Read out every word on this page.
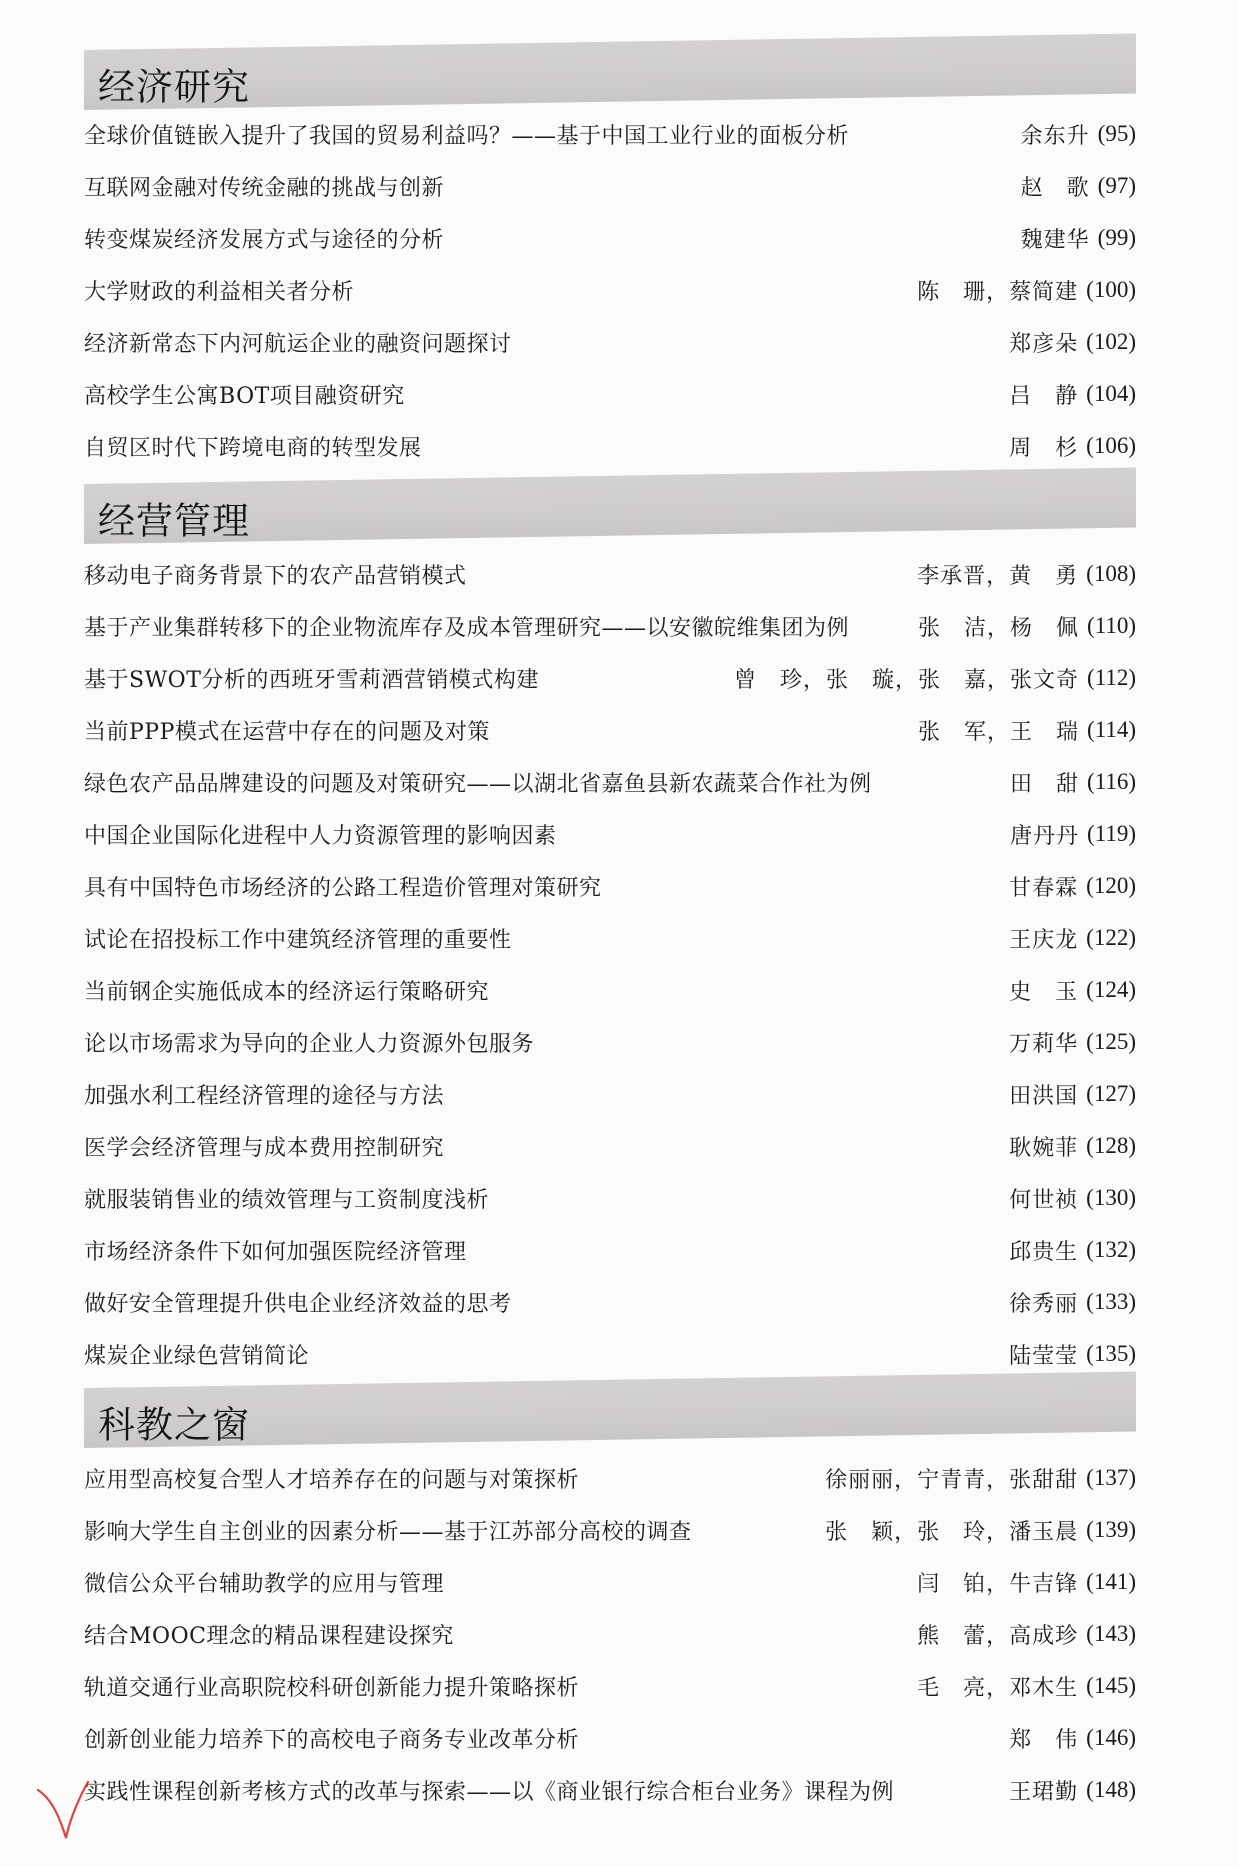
经济研究
全球价值链嵌入提升了我国的贸易利益吗？——基于中国工业行业的面板分析	余东升 (95)
互联网金融对传统金融的挑战与创新	赵　歌 (97)
转变煤炭经济发展方式与途径的分析	魏建华 (99)
大学财政的利益相关者分析	陈　珊，蔡简建 (100)
经济新常态下内河航运企业的融资问题探讨	郑彦朵 (102)
高校学生公寓BOT项目融资研究	吕　静 (104)
自贸区时代下跨境电商的转型发展	周　杉 (106)
经营管理
移动电子商务背景下的农产品营销模式	李承晋，黄　勇 (108)
基于产业集群转移下的企业物流库存及成本管理研究——以安徽皖维集团为例	张　洁，杨　佩 (110)
基于SWOT分析的西班牙雪莉酒营销模式构建	曾　珍，张　璇，张　嘉，张文奇 (112)
当前PPP模式在运营中存在的问题及对策	张　军，王　瑞 (114)
绿色农产品品牌建设的问题及对策研究——以湖北省嘉鱼县新农蔬菜合作社为例	田　甜 (116)
中国企业国际化进程中人力资源管理的影响因素	唐丹丹 (119)
具有中国特色市场经济的公路工程造价管理对策研究	甘春霖 (120)
试论在招投标工作中建筑经济管理的重要性	王庆龙 (122)
当前钢企实施低成本的经济运行策略研究	史　玉 (124)
论以市场需求为导向的企业人力资源外包服务	万莉华 (125)
加强水利工程经济管理的途径与方法	田洪国 (127)
医学会经济管理与成本费用控制研究	耿婉菲 (128)
就服装销售业的绩效管理与工资制度浅析	何世祯 (130)
市场经济条件下如何加强医院经济管理	邱贵生 (132)
做好安全管理提升供电企业经济效益的思考	徐秀丽 (133)
煤炭企业绿色营销简论	陆莹莹 (135)
科教之窗
应用型高校复合型人才培养存在的问题与对策探析	徐丽丽，宁青青，张甜甜 (137)
影响大学生自主创业的因素分析——基于江苏部分高校的调查	张　颖，张　玲，潘玉晨 (139)
微信公众平台辅助教学的应用与管理	闫　铂，牛吉锋 (141)
结合MOOC理念的精品课程建设探究	熊　蕾，高成珍 (143)
轨道交通行业高职院校科研创新能力提升策略探析	毛　亮，邓木生 (145)
创新创业能力培养下的高校电子商务专业改革分析	郑　伟 (146)
实践性课程创新考核方式的改革与探索——以《商业银行综合柜台业务》课程为例	王珺勤 (148)
